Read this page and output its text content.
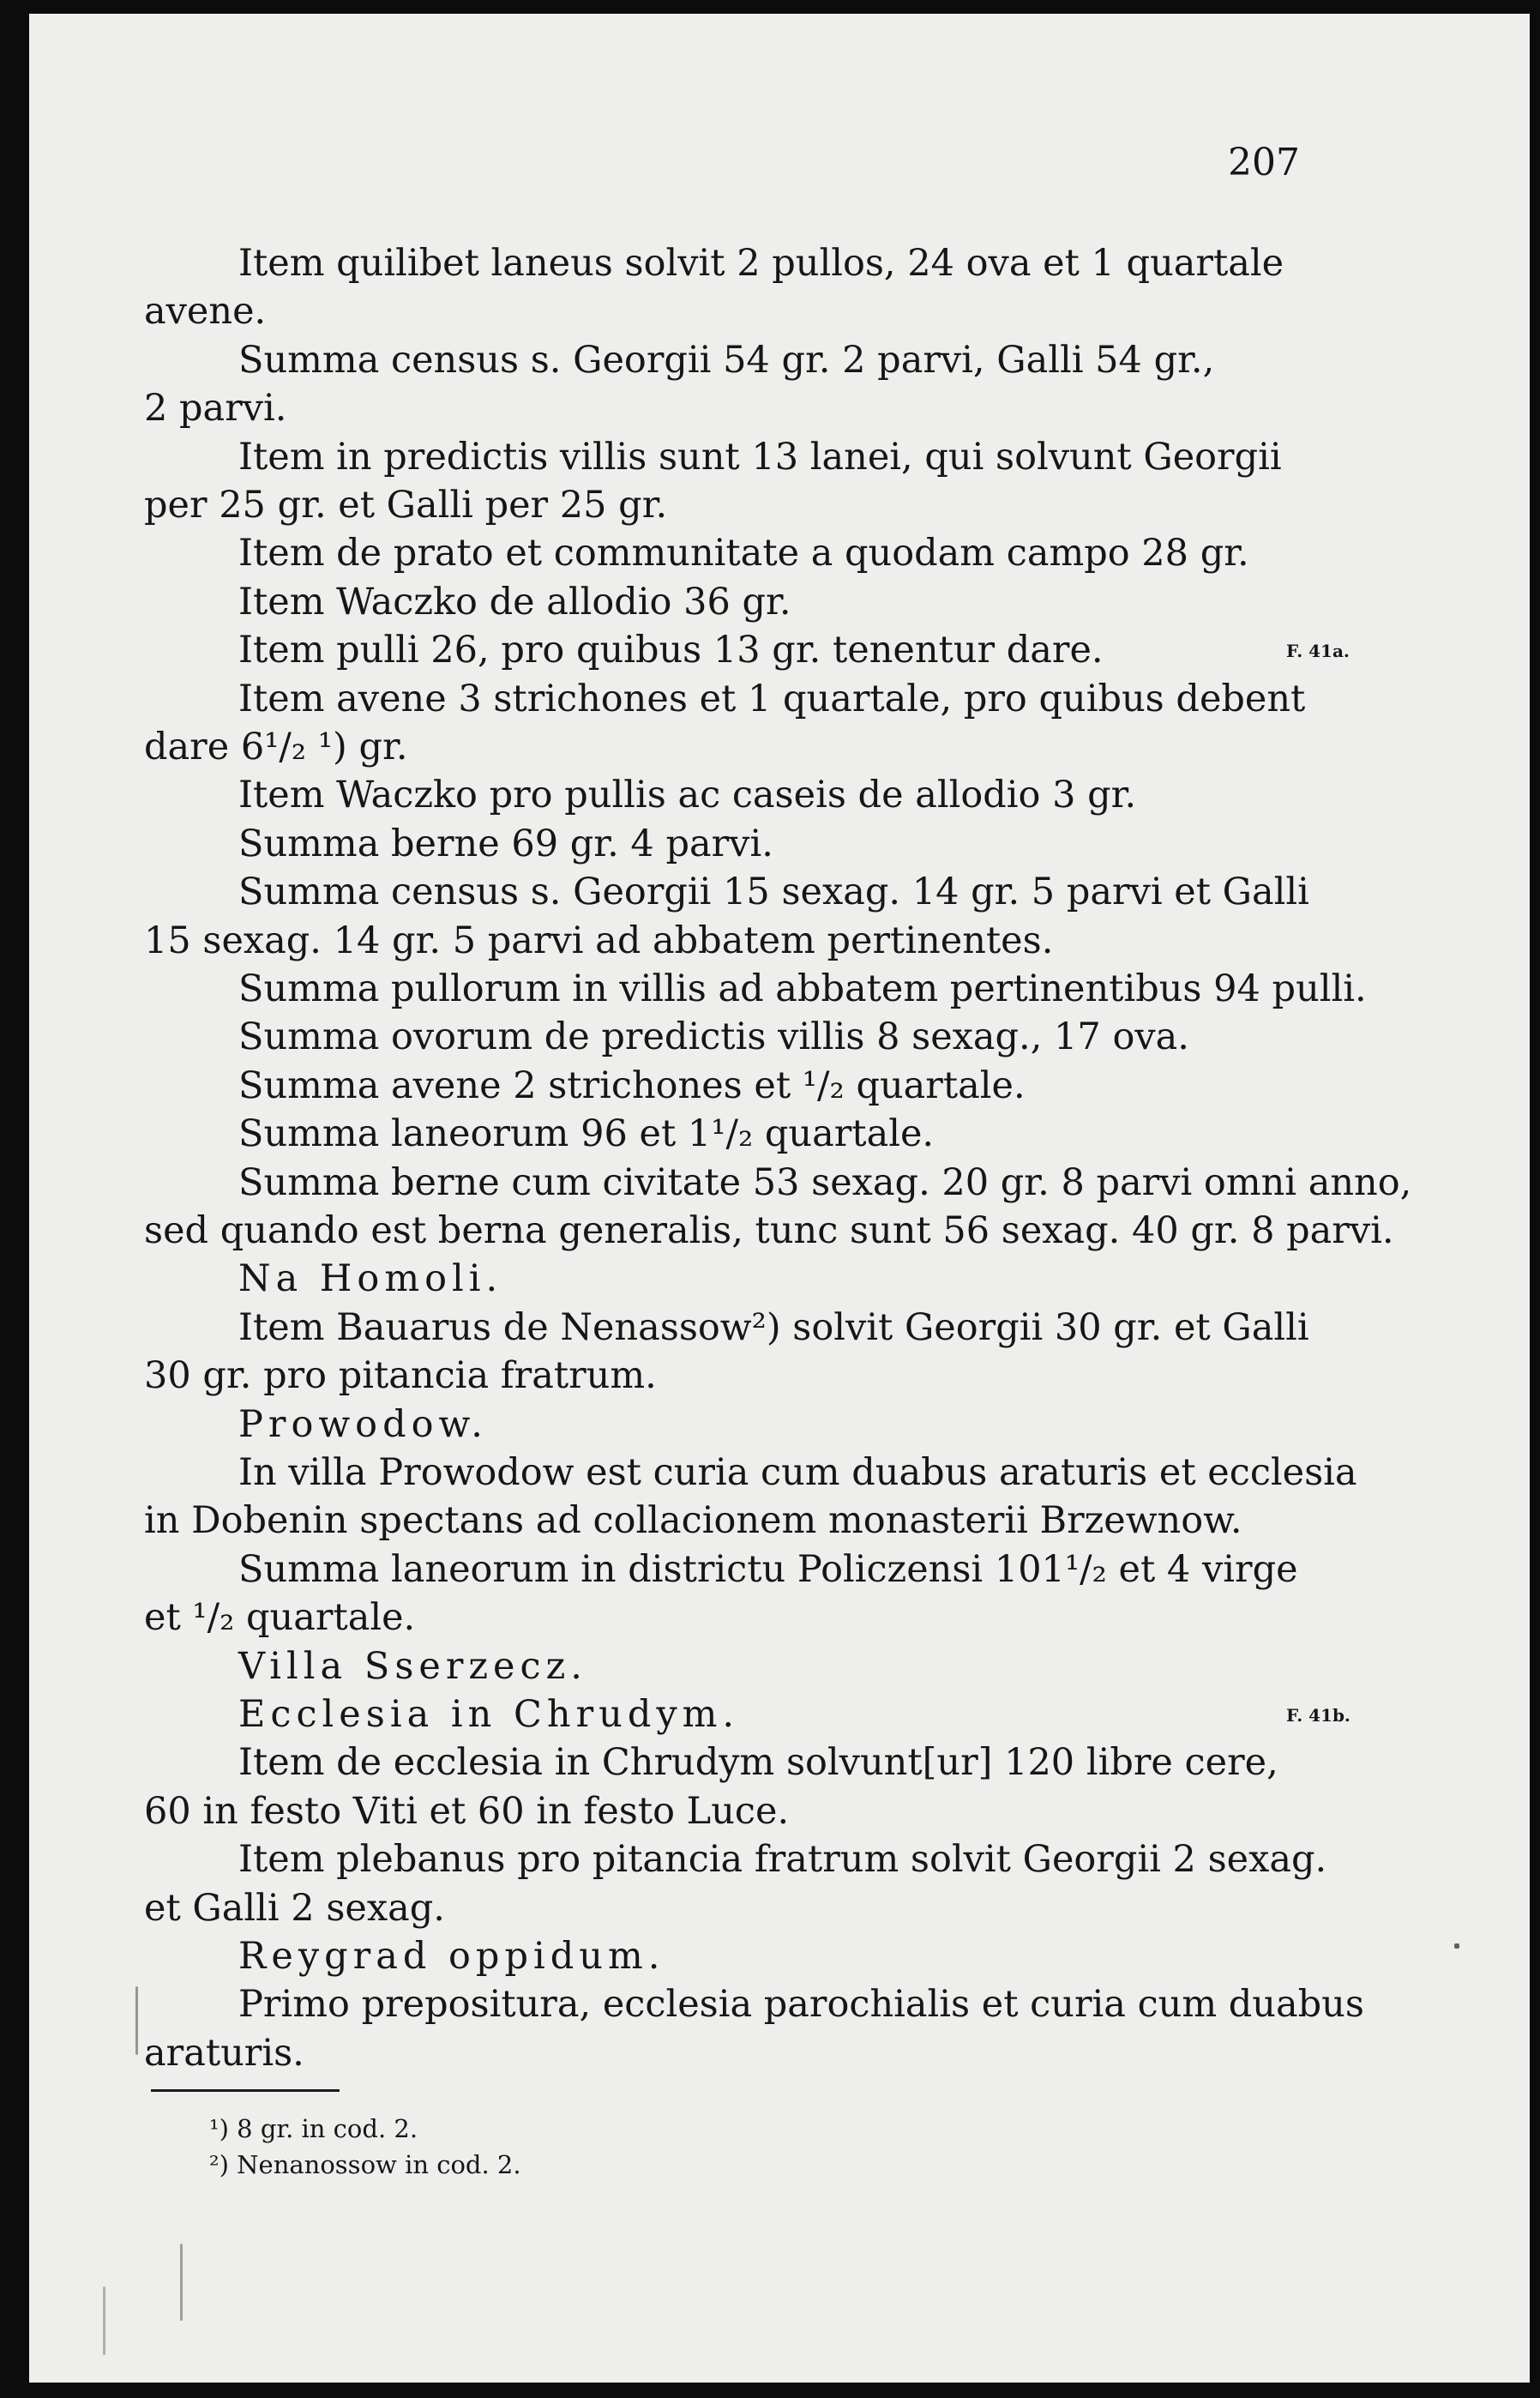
207
Item quilibet laneus solvit 2 pullos, 24 ova et 1 quartale
avene.
Summa census s. Georgii 54 gr. 2 parvi, Galli 54 gr.,
2 parvi.
Item in predictis villis sunt 13 lanei, qui solvunt Georgii
per 25 gr. et Galli per 25 gr.
Item de prato et communitate a quodam campo 28 gr.
Item Waczko de allodio 36 gr.
Item pulli 26, pro quibus 13 gr. tenentur dare.
Item avene 3 strichones et 1 quartale, pro quibus debent
dare 6¹/₂ ¹) gr.
Item Waczko pro pullis ac caseis de allodio 3 gr.
Summa berne 69 gr. 4 parvi.
Summa census s. Georgii 15 sexag. 14 gr. 5 parvi et Galli
15 sexag. 14 gr. 5 parvi ad abbatem pertinentes.
Summa pullorum in villis ad abbatem pertinentibus 94 pulli.
Summa ovorum de predictis villis 8 sexag., 17 ova.
Summa avene 2 strichones et ¹/₂ quartale.
Summa laneorum 96 et 1¹/₂ quartale.
Summa berne cum civitate 53 sexag. 20 gr. 8 parvi omni anno,
sed quando est berna generalis, tunc sunt 56 sexag. 40 gr. 8 parvi.
Na Homoli.
Item Bauarus de Nenassow²) solvit Georgii 30 gr. et Galli
30 gr. pro pitancia fratrum.
Prowodow.
In villa Prowodow est curia cum duabus araturis et ecclesia
in Dobenin spectans ad collacionem monasterii Brzewnow.
Summa laneorum in districtu Policzensi 101¹/₂ et 4 virge
et ¹/₂ quartale.
Villa Sserzecz.
Ecclesia in Chrudym.
Item de ecclesia in Chrudym solvunt[ur] 120 libre cere,
60 in festo Viti et 60 in festo Luce.
Item plebanus pro pitancia fratrum solvit Georgii 2 sexag.
et Galli 2 sexag.
Reygrad oppidum.
Primo prepositura, ecclesia parochialis et curia cum duabus
araturis.
F. 41a.
F. 41b.
¹) 8 gr. in cod. 2.
²) Nenanossow in cod. 2.
